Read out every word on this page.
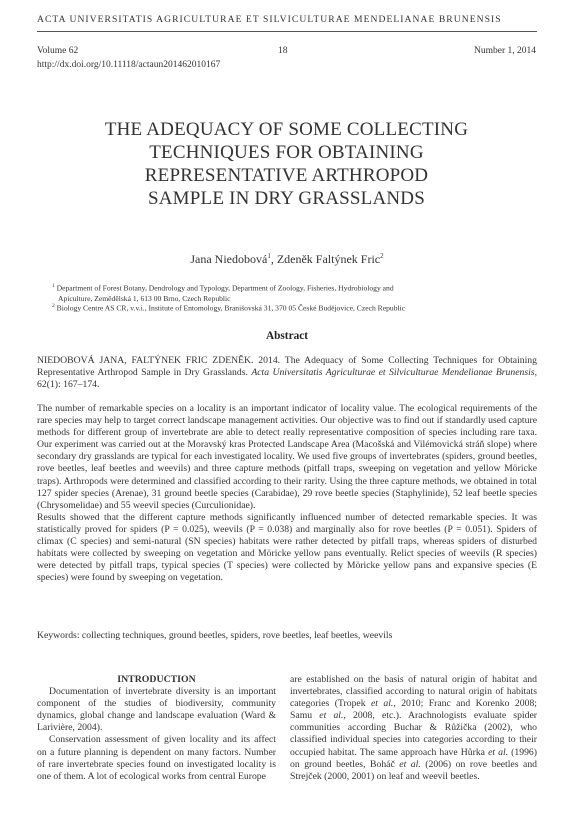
ACTA UNIVERSITATIS AGRICULTURAE ET SILVICULTURAE MENDELIANAE BRUNENSIS
Volume 62	18	Number 1, 2014
http://dx.doi.org/10.11118/actaun201462010167
THE ADEQUACY OF SOME COLLECTING
TECHNIQUES FOR OBTAINING
REPRESENTATIVE ARTHROPOD
SAMPLE IN DRY GRASSLANDS
Jana Niedobová$^1$, Zdeněk Faltýnek Fric$^2$
$^1$ Department of Forest Botany, Dendrology and Typology, Department of Zoology, Fisheries, Hydrobiology and
Apiculture, Zemědělská 1, 613 00 Brno, Czech Republic
$^2$ Biology Centre AS CR, v.v.i., Institute of Entomology, Branišovská 31, 370 05 České Budějovice, Czech Republic
Abstract
NIEDOBOVÁ JANA, FALTÝNEK FRIC ZDENĚK. 2014. The Adequacy of Some Collecting Techniques for Obtaining Representative Arthropod Sample in Dry Grasslands. Acta Universitatis Agriculturae et Silviculturae Mendelianae Brunensis, 62(1): 167–174.
The number of remarkable species on a locality is an important indicator of locality value. The ecological requirements of the rare species may help to target correct landscape management activities. Our objective was to find out if standardly used capture methods for different group of invertebrate are able to detect really representative composition of species including rare taxa. Our experiment was carried out at the Moravský kras Protected Landscape Area (Macošská and Vilémovická stráň slope) where secondary dry grasslands are typical for each investigated locality. We used five groups of invertebrates (spiders, ground beetles, rove beetles, leaf beetles and weevils) and three capture methods (pitfall traps, sweeping on vegetation and yellow Möricke traps). Arthropods were determined and classified according to their rarity. Using the three capture methods, we obtained in total 127 spider species (Arenaе), 31 ground beetle species (Carabidae), 29 rove beetle species (Staphylinide), 52 leaf beetle species (Chrysomelidae) and 55 weevil species (Curculionidae).
Results showed that the different capture methods significantly influenced number of detected remarkable species. It was statistically proved for spiders (P = 0.025), weevils (P = 0.038) and marginally also for rove beetles (P = 0.051). Spiders of climax (C species) and semi-natural (SN species) habitats were rather detected by pitfall traps, whereas spiders of disturbed habitats were collected by sweeping on vegetation and Möricke yellow pans eventually. Relict species of weevils (R species) were detected by pitfall traps, typical species (T species) were collected by Möricke yellow pans and expansive species (E species) were found by sweeping on vegetation.
Keywords: collecting techniques, ground beetles, spiders, rove beetles, leaf beetles, weevils

INTRODUCTION

Documentation of invertebrate diversity is an important component of the studies of biodiversity, community dynamics, global change and landscape evaluation (Ward & Larivière, 2004).

Conservation assessment of given locality and its affect on a future planning is dependent on many factors. Number of rare invertebrate species found on investigated locality is one of them. A lot of ecological works from central Europe

are established on the basis of natural origin of habitat and invertebrates, classified according to natural origin of habitats categories (Tropek et al., 2010; Franc and Korenko 2008; Samu et al., 2008, etc.). Arachnologists evaluate spider communities according Buchar & Růžička (2002), who classified individual species into categories according to their occupied habitat. The same approach have Hůrka et al. (1996) on ground beetles, Boháč et al. (2006) on rove beetles and Strejček (2000, 2001) on leaf and weevil beetles.
